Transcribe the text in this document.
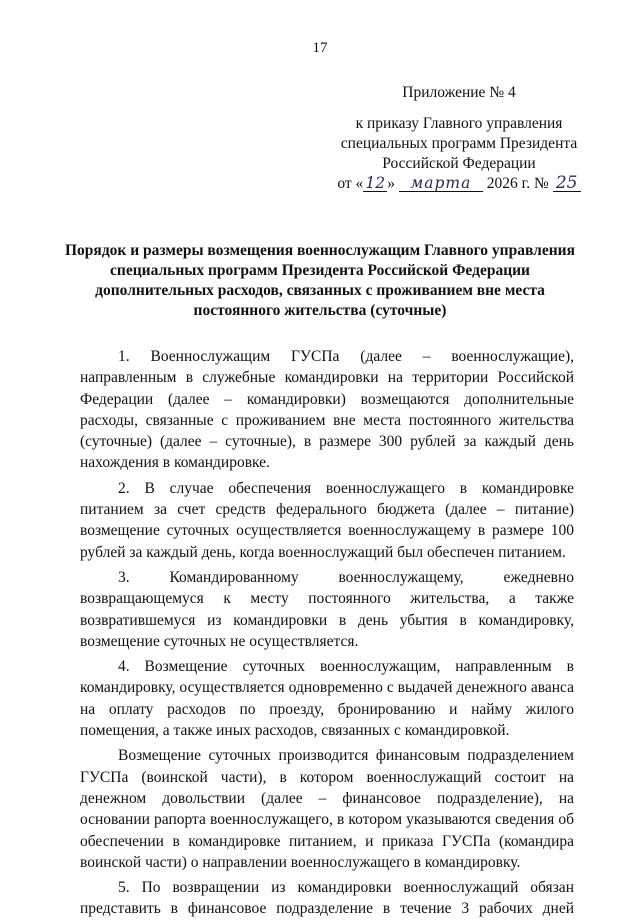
17
Приложение № 4
к приказу Главного управления
специальных программ Президента
Российской Федерации
от « 12 » марта 2026 г. № 25
Порядок и размеры возмещения военнослужащим Главного управления специальных программ Президента Российской Федерации дополнительных расходов, связанных с проживанием вне места постоянного жительства (суточные)

1. Военнослужащим ГУСПа (далее – военнослужащие), направленным в служебные командировки на территории Российской Федерации (далее – командировки) возмещаются дополнительные расходы, связанные с проживанием вне места постоянного жительства (суточные) (далее – суточные), в размере 300 рублей за каждый день нахождения в командировке.

2. В случае обеспечения военнослужащего в командировке питанием за счет средств федерального бюджета (далее – питание) возмещение суточных осуществляется военнослужащему в размере 100 рублей за каждый день, когда военнослужащий был обеспечен питанием.

3. Командированному военнослужащему, ежедневно возвращающемуся к месту постоянного жительства, а также возвратившемуся из командировки в день убытия в командировку, возмещение суточных не осуществляется.

4. Возмещение суточных военнослужащим, направленным в командировку, осуществляется одновременно с выдачей денежного аванса на оплату расходов по проезду, бронированию и найму жилого помещения, а также иных расходов, связанных с командировкой.

Возмещение суточных производится финансовым подразделением ГУСПа (воинской части), в котором военнослужащий состоит на денежном довольствии (далее – финансовое подразделение), на основании рапорта военнослужащего, в котором указываются сведения об обеспечении в командировке питанием, и приказа ГУСПа (командира воинской части) о направлении военнослужащего в командировку.

5. По возвращении из командировки военнослужащий обязан представить в финансовое подразделение в течение 3 рабочих дней
